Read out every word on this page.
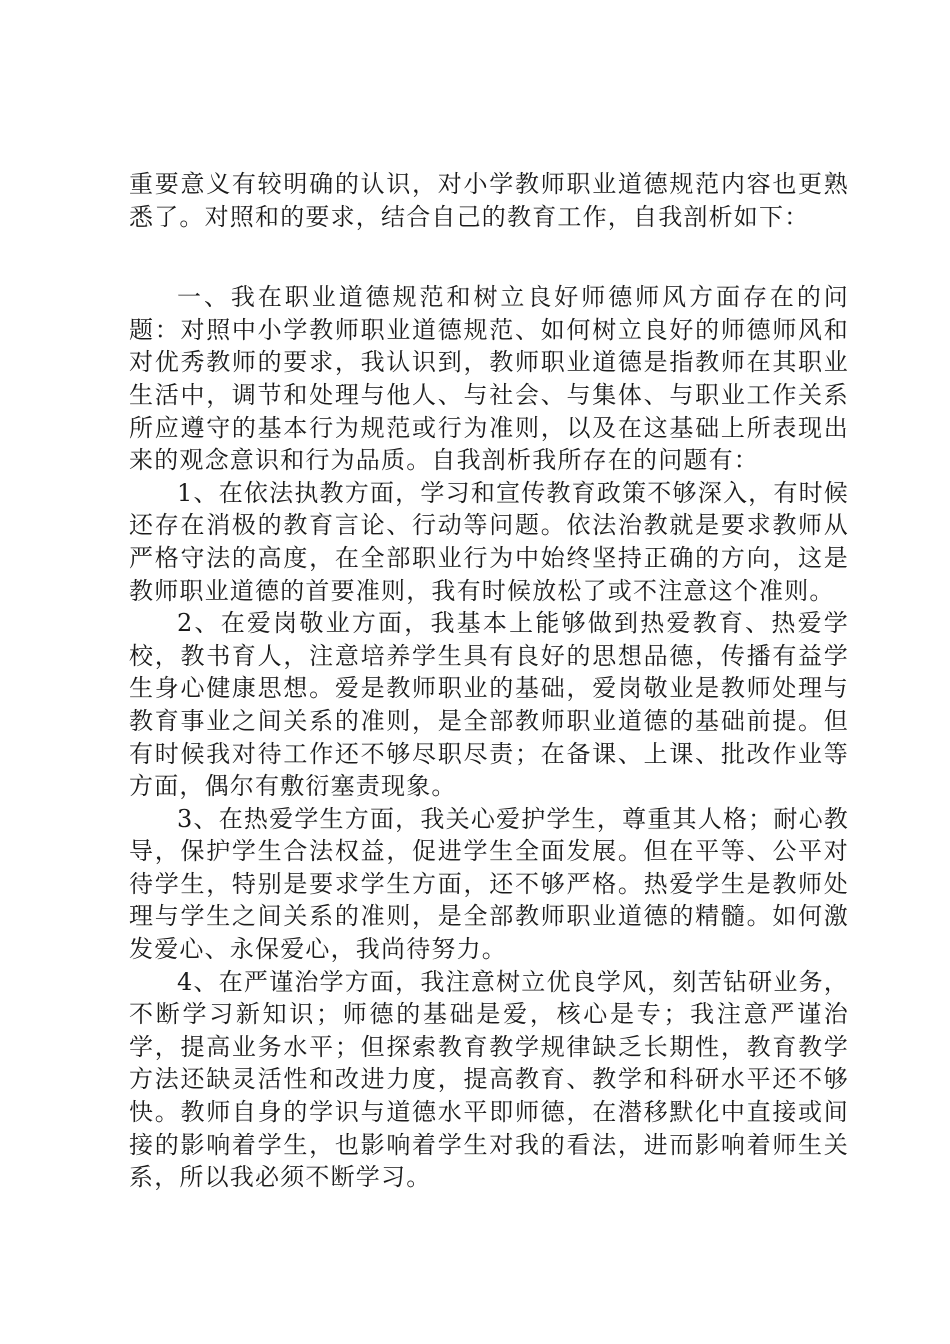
重要意义有较明确的认识，对小学教师职业道德规范内容也更熟悉了。对照和的要求，结合自己的教育工作，自我剖析如下：

一、我在职业道德规范和树立良好师德师风方面存在的问题：对照中小学教师职业道德规范、如何树立良好的师德师风和对优秀教师的要求，我认识到，教师职业道德是指教师在其职业生活中，调节和处理与他人、与社会、与集体、与职业工作关系所应遵守的基本行为规范或行为准则，以及在这基础上所表现出来的观念意识和行为品质。自我剖析我所存在的问题有：

1、在依法执教方面，学习和宣传教育政策不够深入，有时候还存在消极的教育言论、行动等问题。依法治教就是要求教师从严格守法的高度，在全部职业行为中始终坚持正确的方向，这是教师职业道德的首要准则，我有时候放松了或不注意这个准则。

2、在爱岗敬业方面，我基本上能够做到热爱教育、热爱学校，教书育人，注意培养学生具有良好的思想品德，传播有益学生身心健康思想。爱是教师职业的基础，爱岗敬业是教师处理与教育事业之间关系的准则，是全部教师职业道德的基础前提。但有时候我对待工作还不够尽职尽责；在备课、上课、批改作业等方面，偶尔有敷衍塞责现象。

3、在热爱学生方面，我关心爱护学生，尊重其人格；耐心教导，保护学生合法权益，促进学生全面发展。但在平等、公平对待学生，特别是要求学生方面，还不够严格。热爱学生是教师处理与学生之间关系的准则，是全部教师职业道德的精髓。如何激发爱心、永保爱心，我尚待努力。

4、在严谨治学方面，我注意树立优良学风，刻苦钻研业务，不断学习新知识；师德的基础是爱，核心是专；我注意严谨治学，提高业务水平；但探索教育教学规律缺乏长期性，教育教学方法还缺灵活性和改进力度，提高教育、教学和科研水平还不够快。教师自身的学识与道德水平即师德，在潜移默化中直接或间接的影响着学生，也影响着学生对我的看法，进而影响着师生关系，所以我必须不断学习。
